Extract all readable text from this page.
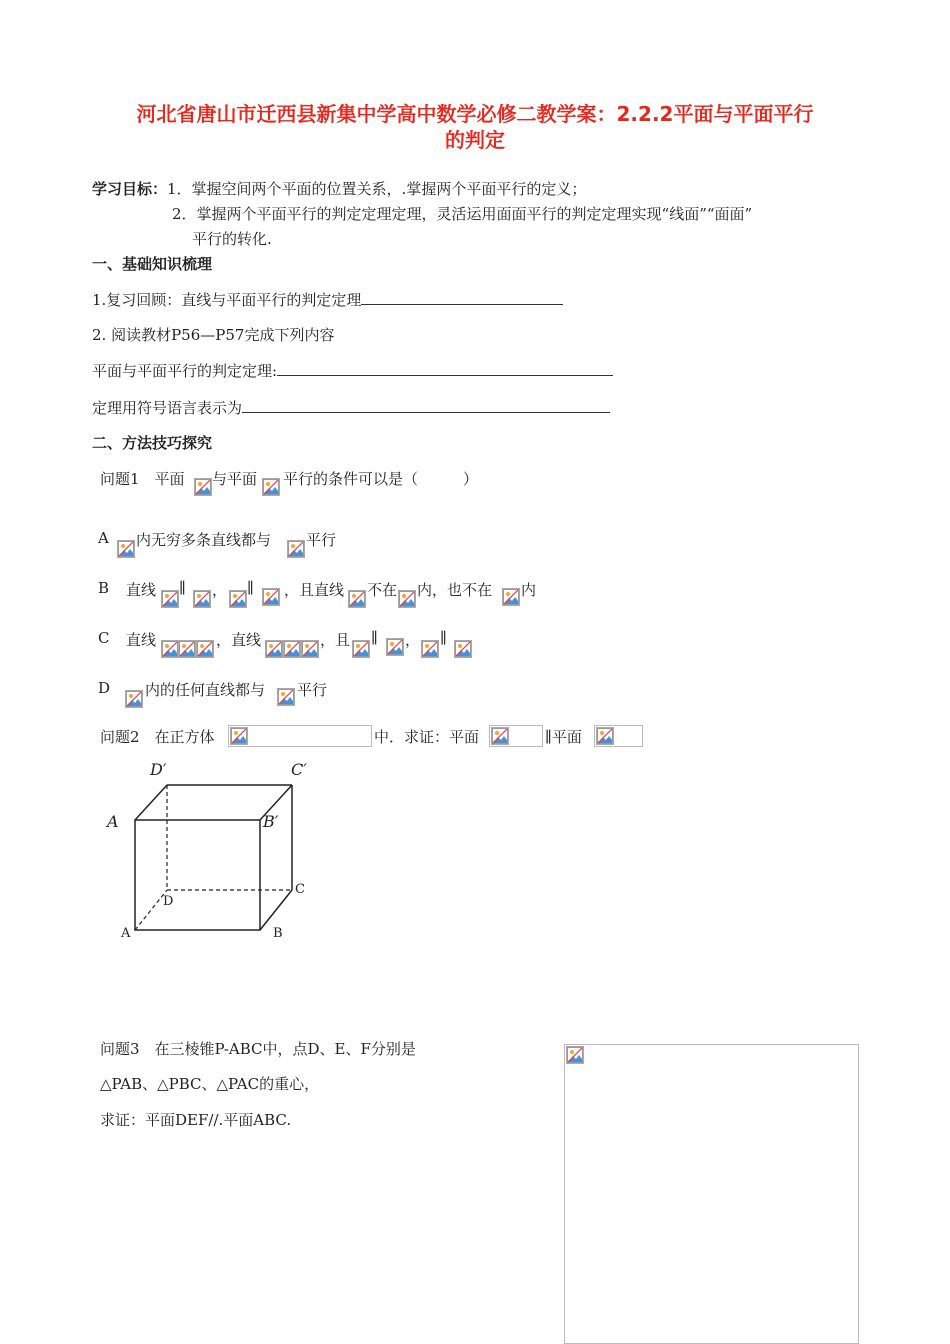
河北省唐山市迁西县新集中学高中数学必修二教学案：2.2.2平面与平面平行
的判定
学习目标：1．掌握空间两个平面的位置关系，.掌握两个平面平行的定义；
2．掌握两个平面平行的判定定理定理，灵活运用面面平行的判定定理实现“线面”“面面”
平行的转化.
一、基础知识梳理
1.复习回顾：直线与平面平行的判定定理
2. 阅读教材P56—P57完成下列内容
平面与平面平行的判定定理:
定理用符号语言表示为
二、方法技巧探究
问题1　平面 与平面 平行的条件可以是（　　　）
A 内无穷多条直线都与 平行
B 直线 ∥ ， ∥ ，且直线 不在 内，也不在 内
C 直线	，直线	，且 ∥ ， ∥
D 内的任何直线都与 平行
问题2　在正方体	中．求证：平面	∥平面
D′	C′
A	B′
D
C
A	B
问题3　在三棱锥P-ABC中，点D、E、F分别是
△PAB、△PBC、△PAC的重心，
求证：平面DEF//.平面ABC.
